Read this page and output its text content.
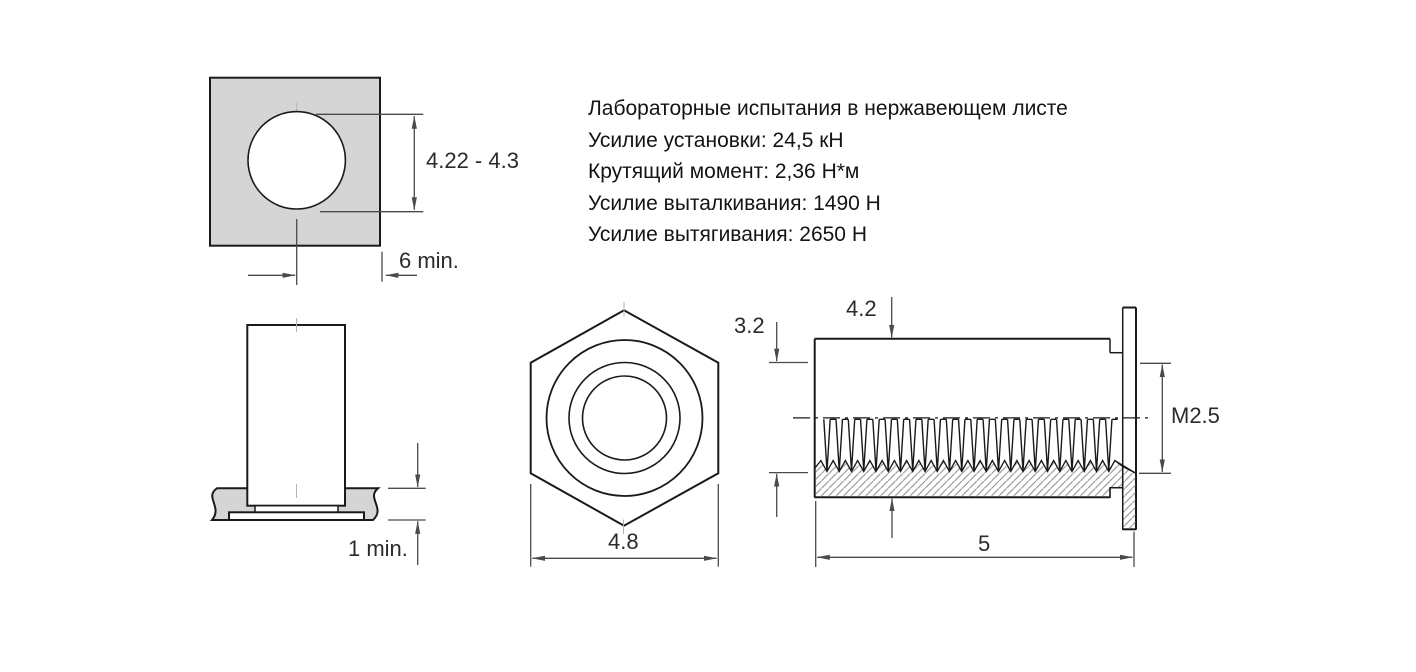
Лабораторные испытания в нержавеющем листе
Усилие установки: 24,5 кН
Крутящий момент: 2,36 Н*м
Усилие выталкивания: 1490 Н
Усилие вытягивания: 2650 Н
4.22 - 4.3
6 min.
1 min.	4.8
3.2
4.2
M2.5
5
